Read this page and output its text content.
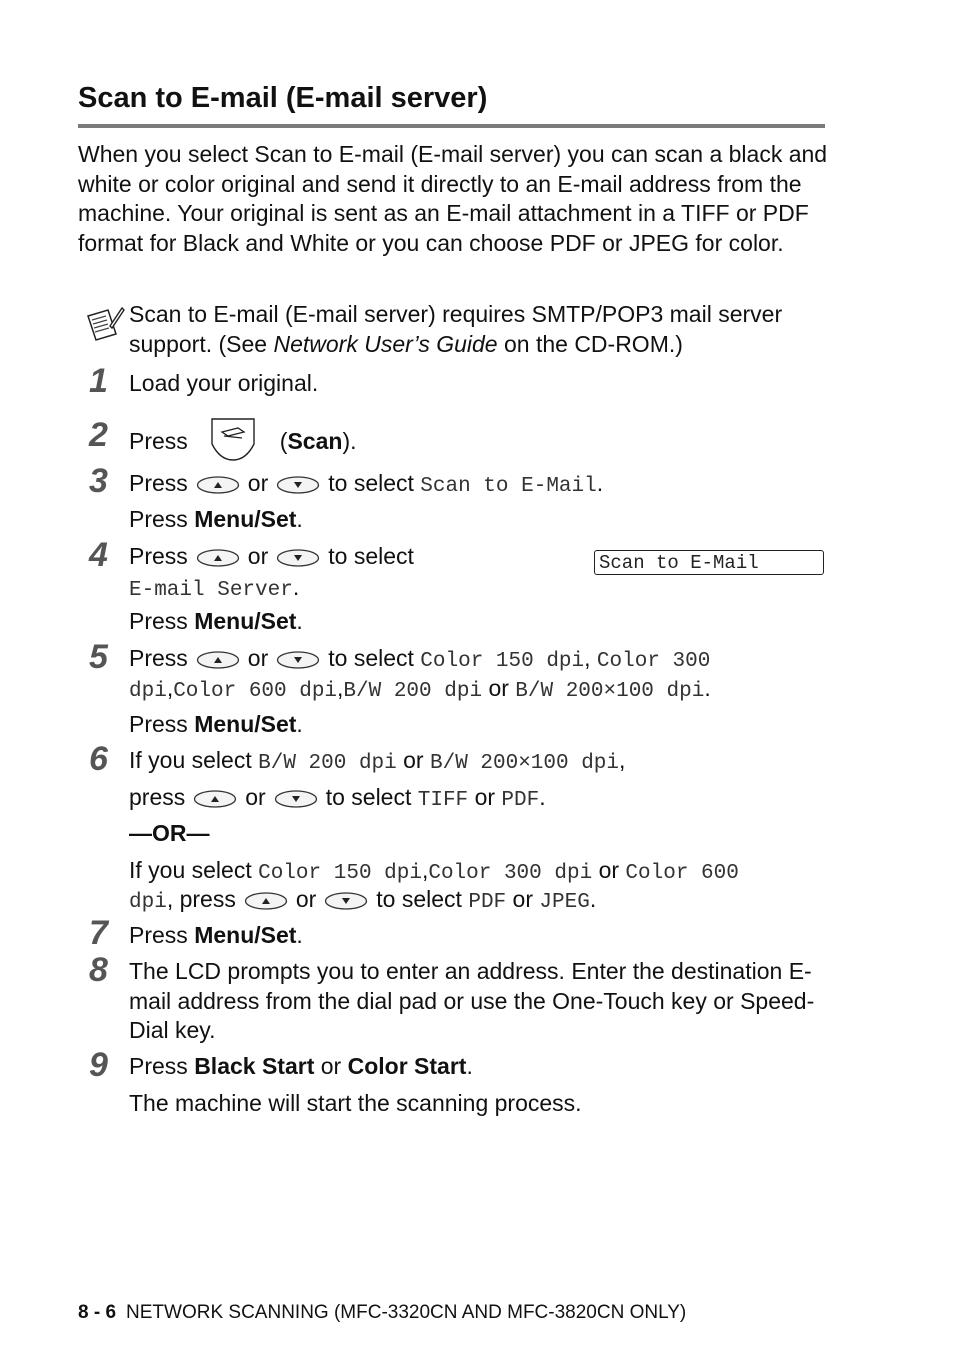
Scan to E-mail (E-mail server)
When you select Scan to E-mail (E-mail server) you can scan a black and white or color original and send it directly to an E-mail address from the machine. Your original is sent as an E-mail attachment in a TIFF or PDF format for Black and White or you can choose PDF or JPEG for color.
Scan to E-mail (E-mail server) requires SMTP/POP3 mail server support. (See Network User’s Guide on the CD-ROM.)
1 Load your original.
2 Press	(Scan).
3 Press	or	to select Scan to E-Mail.
Press Menu/Set.
4 Press	or	to select
E-mail Server.
Scan to E-Mail
Press Menu/Set.
5 Press	or	to select Color 150 dpi, Color 300
dpi,Color 600 dpi,B/W 200 dpi or B/W 200×100 dpi.
Press Menu/Set.
6 If you select B/W 200 dpi or B/W 200×100 dpi,
press	or	to select TIFF or PDF.
—OR—
If you select Color 150 dpi,Color 300 dpi or Color 600
dpi, press	or	to select PDF or JPEG.
7 Press Menu/Set.
8 The LCD prompts you to enter an address. Enter the destination E-mail address from the dial pad or use the One-Touch key or Speed-Dial key.
9 Press Black Start or Color Start.
The machine will start the scanning process.
8 - 6 NETWORK SCANNING (MFC-3320CN AND MFC-3820CN ONLY)
